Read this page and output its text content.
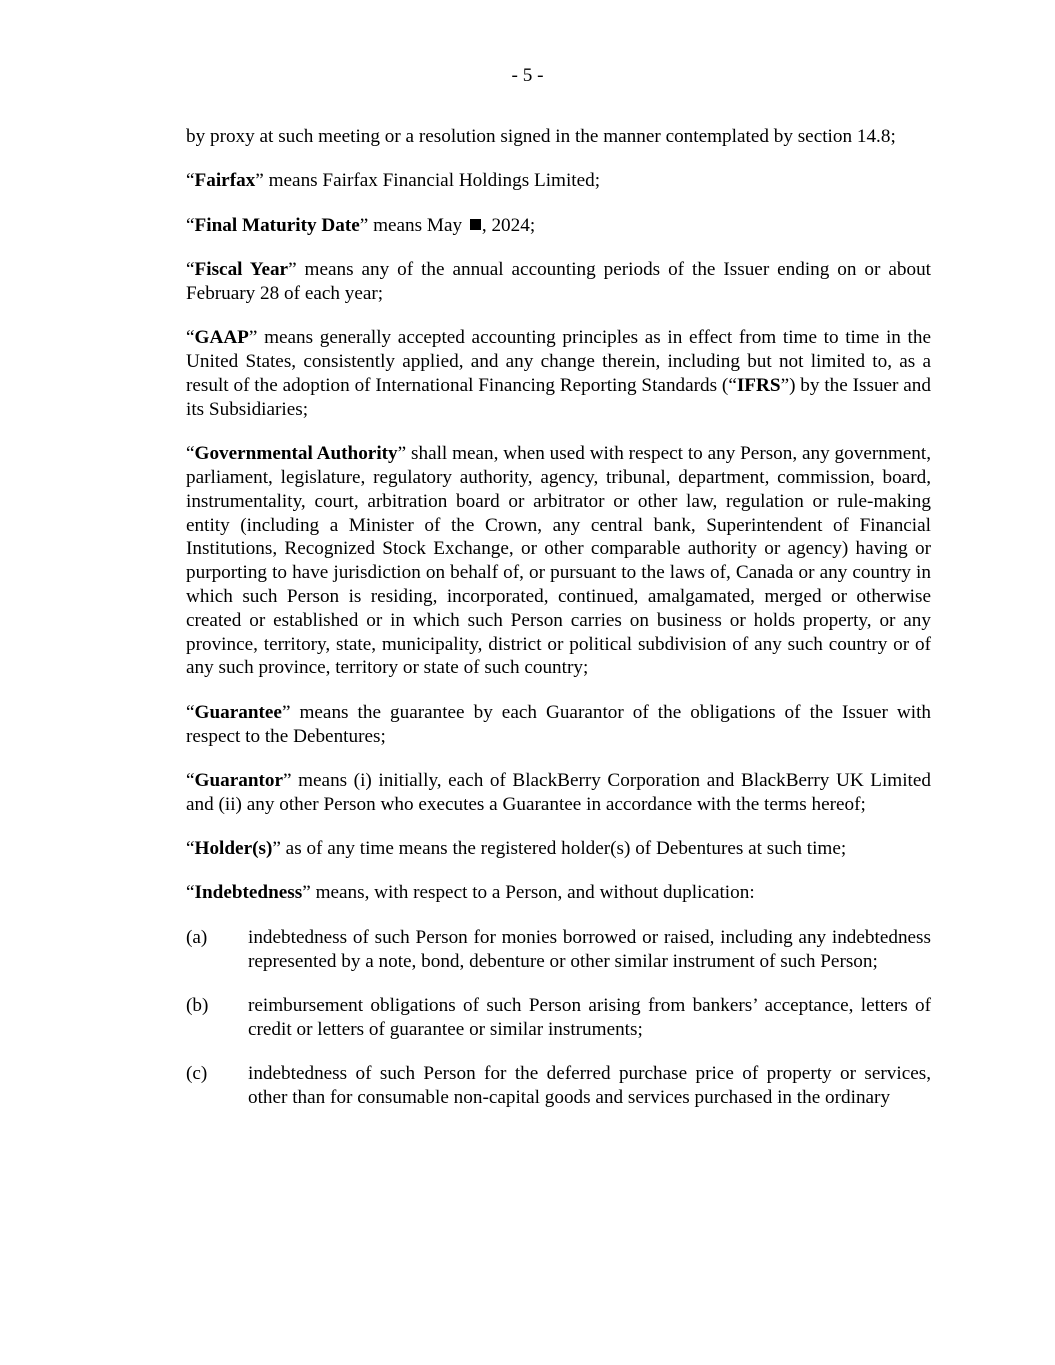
- 5 -

by proxy at such meeting or a resolution signed in the manner contemplated by section 14.8;

“Fairfax” means Fairfax Financial Holdings Limited;

“Final Maturity Date” means May , 2024;

“Fiscal Year” means any of the annual accounting periods of the Issuer ending on or about February 28 of each year;

“GAAP” means generally accepted accounting principles as in effect from time to time in the United States, consistently applied, and any change therein, including but not limited to, as a result of the adoption of International Financing Reporting Standards (“IFRS”) by the Issuer and its Subsidiaries;

“Governmental Authority” shall mean, when used with respect to any Person, any government, parliament, legislature, regulatory authority, agency, tribunal, department, commission, board, instrumentality, court, arbitration board or arbitrator or other law, regulation or rule-making entity (including a Minister of the Crown, any central bank, Superintendent of Financial Institutions, Recognized Stock Exchange, or other comparable authority or agency) having or purporting to have jurisdiction on behalf of, or pursuant to the laws of, Canada or any country in which such Person is residing, incorporated, continued, amalgamated, merged or otherwise created or established or in which such Person carries on business or holds property, or any province, territory, state, municipality, district or political subdivision of any such country or of any such province, territory or state of such country;

“Guarantee” means the guarantee by each Guarantor of the obligations of the Issuer with respect to the Debentures;

“Guarantor” means (i) initially, each of BlackBerry Corporation and BlackBerry UK Limited and (ii) any other Person who executes a Guarantee in accordance with the terms hereof;

“Holder(s)” as of any time means the registered holder(s) of Debentures at such time;

“Indebtedness” means, with respect to a Person, and without duplication:

(a)	indebtedness of such Person for monies borrowed or raised, including any indebtedness represented by a note, bond, debenture or other similar instrument of such Person;
(b)	reimbursement obligations of such Person arising from bankers’ acceptance, letters of credit or letters of guarantee or similar instruments;
(c)	indebtedness of such Person for the deferred purchase price of property or services, other than for consumable non-capital goods and services purchased in the ordinary
